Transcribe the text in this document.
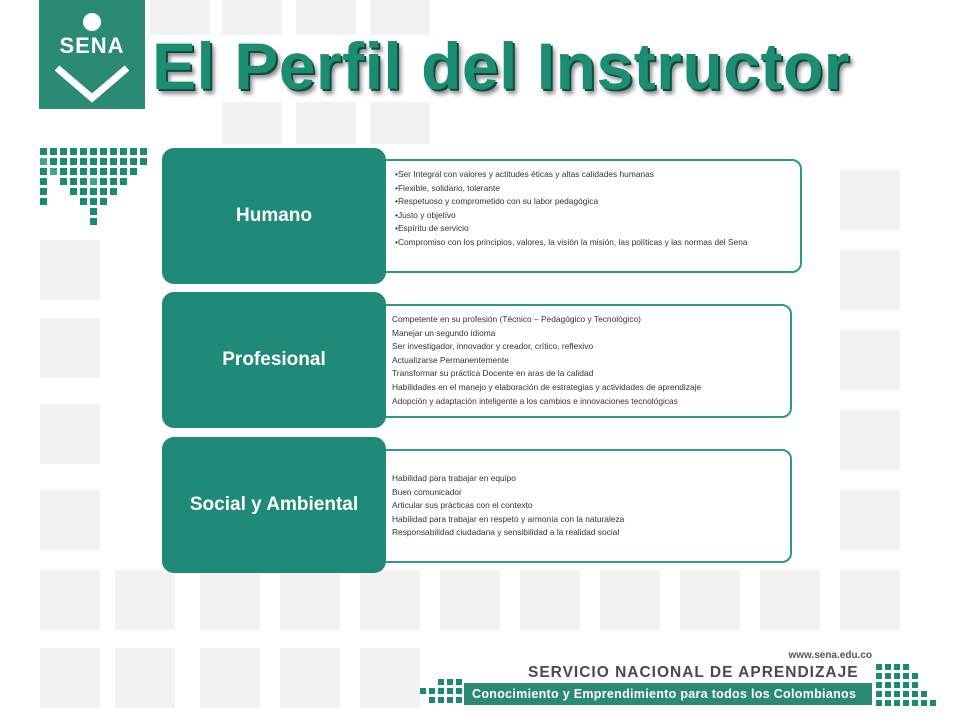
SENA El Perfil del Instructor
Humano
• Ser Integral con valores y actitudes éticas y altas calidades humanas
• Flexible, solidario, tolerante
• Respetuoso y comprometido con su labor pedagógica
• Justo y objetivo
• Espíritu de servicio
• Compromiso con los principios, valores, la visión la misión, las políticas y las normas del Sena
Profesional
Competente en su profesión (Técnico – Pedagógico y Tecnológico)
Manejar un segundo idioma
Ser investigador, innovador y creador, crítico, reflexivo
Actualizarse Permanentemente
Transformar su práctica Docente en aras de la calidad
Habilidades en el manejo y elaboración de estrategias y actividades de aprendizaje
Adopción y adaptación inteligente a los cambios e innovaciones tecnológicas
Social y Ambiental
Habilidad para trabajar en equipo
Buen comunicador
Articular sus prácticas con el contexto
Habilidad para trabajar en respeto y armonía con la naturaleza
Responsabilidad ciudadana y sensibilidad a la realidad social
www.sena.edu.co
SERVICIO NACIONAL DE APRENDIZAJE
Conocimiento y Emprendimiento para todos los Colombianos
